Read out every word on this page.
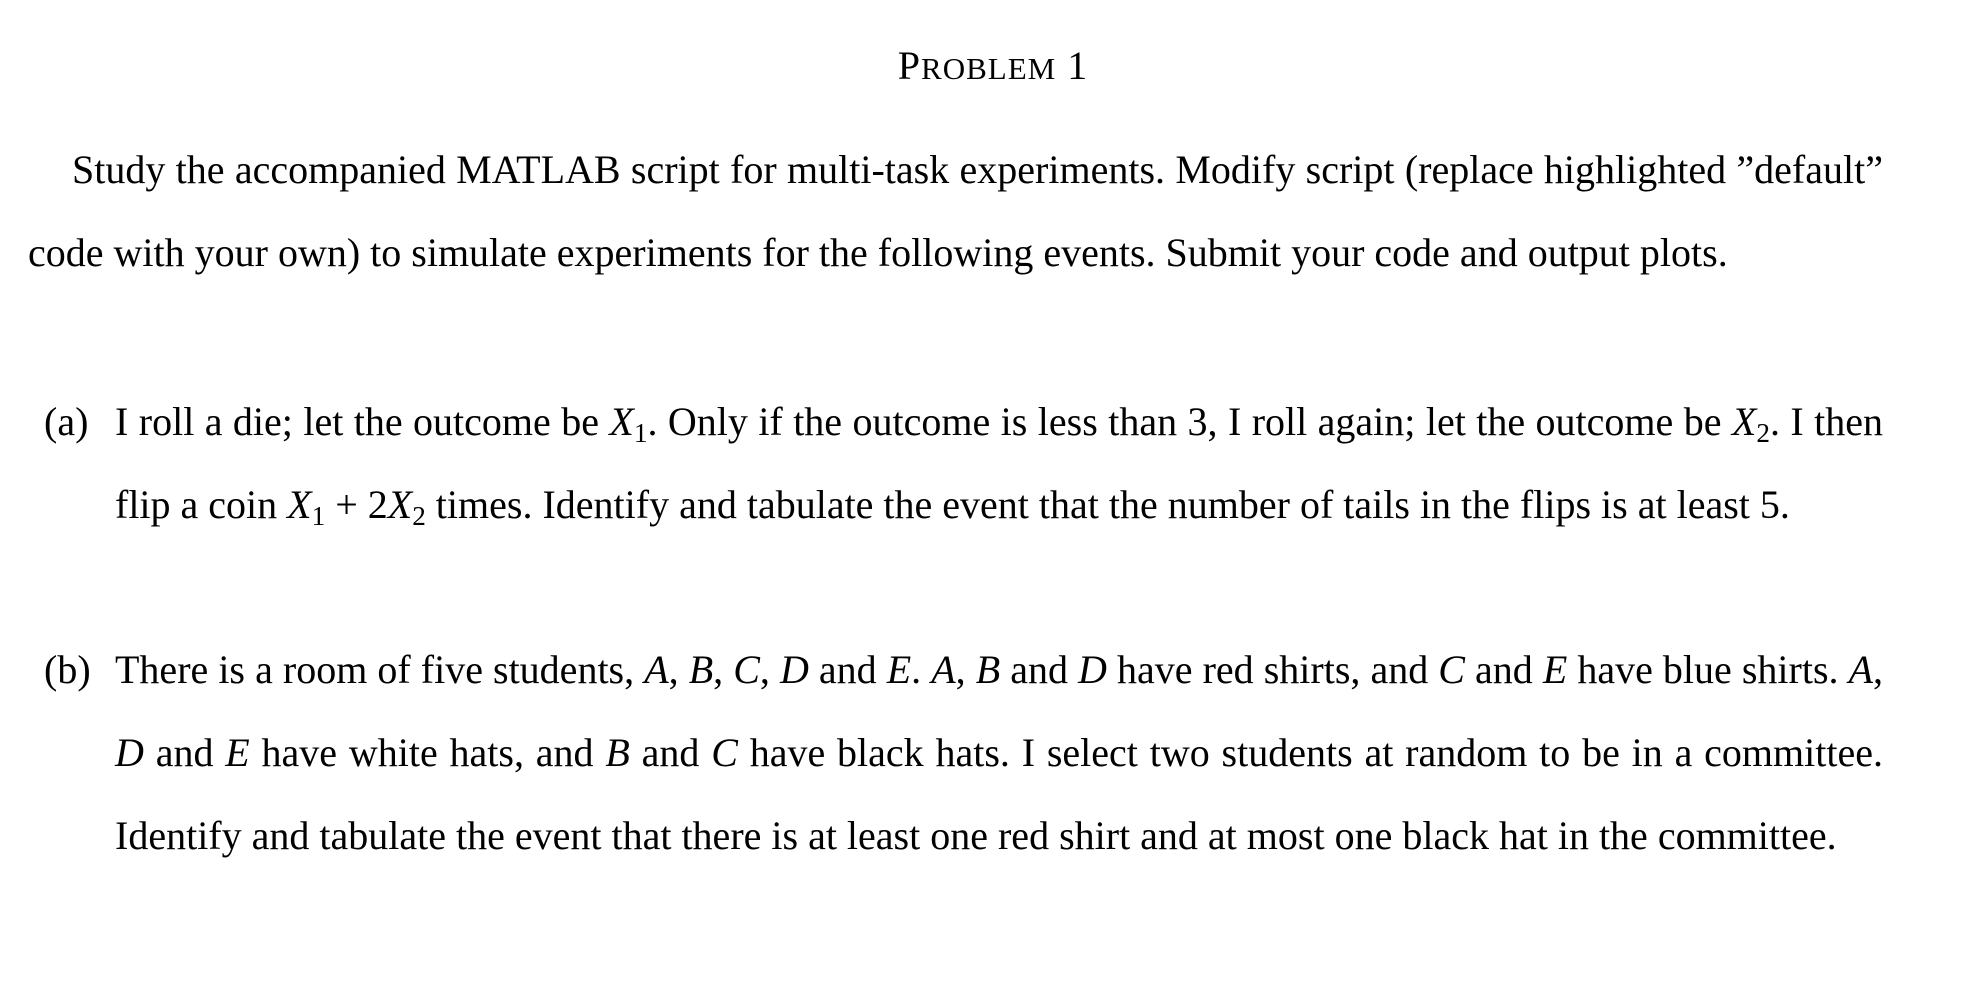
PROBLEM 1
Study the accompanied MATLAB script for multi-task experiments. Modify script (replace highlighted ”default” code with your own) to simulate experiments for the following events. Submit your code and output plots.
(a) I roll a die; let the outcome be $X_1$. Only if the outcome is less than 3, I roll again; let the outcome be $X_2$. I then flip a coin $X_1 + 2X_2$ times. Identify and tabulate the event that the number of tails in the flips is at least 5.
(b) There is a room of five students, A, B, C, D and E. A, B and D have red shirts, and C and E have blue shirts. A, D and E have white hats, and B and C have black hats. I select two students at random to be in a committee. Identify and tabulate the event that there is at least one red shirt and at most one black hat in the committee.
